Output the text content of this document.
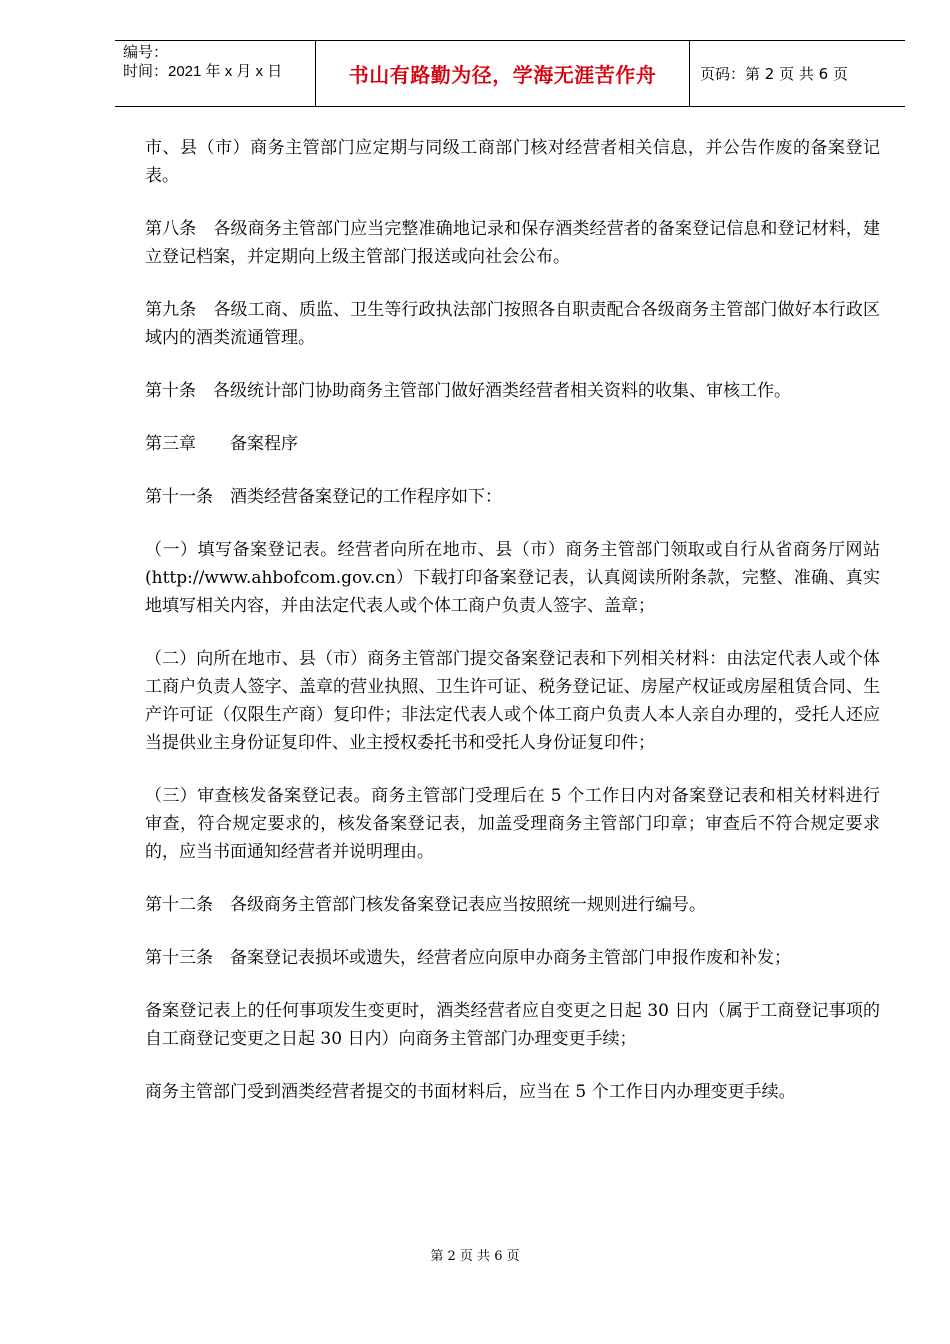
编号：
时间：2021 年 x 月 x 日	书山有路勤为径，学海无涯苦作舟	页码：第 2 页 共 6 页

市、县（市）商务主管部门应定期与同级工商部门核对经营者相关信息，并公告作废的备案登记表。

第八条　各级商务主管部门应当完整准确地记录和保存酒类经营者的备案登记信息和登记材料，建立登记档案，并定期向上级主管部门报送或向社会公布。

第九条　各级工商、质监、卫生等行政执法部门按照各自职责配合各级商务主管部门做好本行政区域内的酒类流通管理。

第十条　各级统计部门协助商务主管部门做好酒类经营者相关资料的收集、审核工作。

第三章　　备案程序

第十一条　酒类经营备案登记的工作程序如下：

（一）填写备案登记表。经营者向所在地市、县（市）商务主管部门领取或自行从省商务厅网站(http://www.ahbofcom.gov.cn）下载打印备案登记表，认真阅读所附条款，完整、准确、真实地填写相关内容，并由法定代表人或个体工商户负责人签字、盖章；

（二）向所在地市、县（市）商务主管部门提交备案登记表和下列相关材料：由法定代表人或个体工商户负责人签字、盖章的营业执照、卫生许可证、税务登记证、房屋产权证或房屋租赁合同、生产许可证（仅限生产商）复印件；非法定代表人或个体工商户负责人本人亲自办理的，受托人还应当提供业主身份证复印件、业主授权委托书和受托人身份证复印件；

（三）审查核发备案登记表。商务主管部门受理后在 5 个工作日内对备案登记表和相关材料进行审查，符合规定要求的，核发备案登记表，加盖受理商务主管部门印章；审查后不符合规定要求的，应当书面通知经营者并说明理由。

第十二条　各级商务主管部门核发备案登记表应当按照统一规则进行编号。

第十三条　备案登记表损坏或遗失，经营者应向原申办商务主管部门申报作废和补发；

备案登记表上的任何事项发生变更时，酒类经营者应自变更之日起 30 日内（属于工商登记事项的自工商登记变更之日起 30 日内）向商务主管部门办理变更手续；

商务主管部门受到酒类经营者提交的书面材料后，应当在 5 个工作日内办理变更手续。

第 2 页 共 6 页
